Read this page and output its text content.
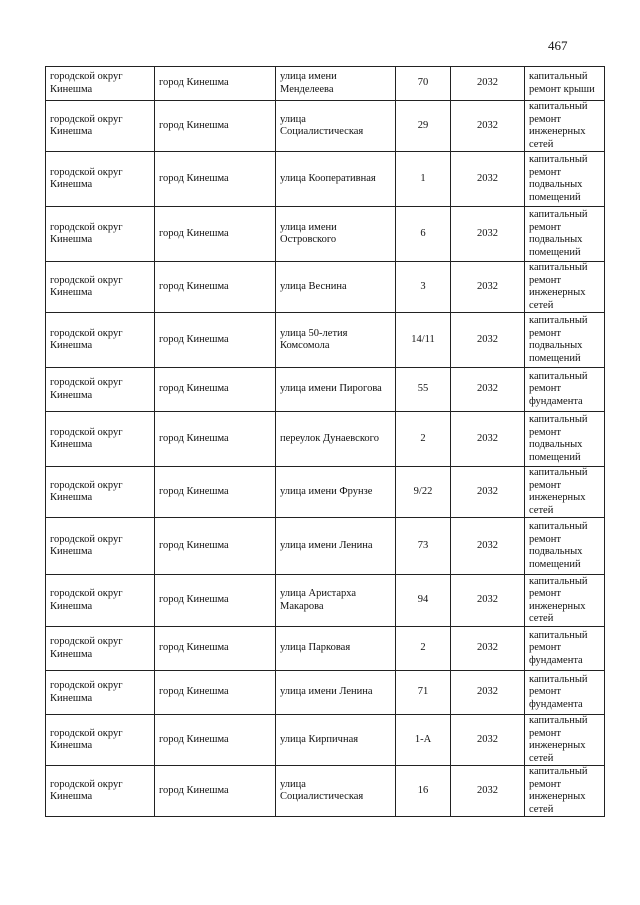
467
городской округ Кинешма	город Кинешма	улица имени Менделеева	70	2032	капитальный ремонт крыши
городской округ Кинешма	город Кинешма	улица Социалистическая	29	2032	капитальный ремонт инженерных сетей
городской округ Кинешма	город Кинешма	улица Кооперативная	1	2032	капитальный ремонт подвальных помещений
городской округ Кинешма	город Кинешма	улица имени Островского	6	2032	капитальный ремонт подвальных помещений
городской округ Кинешма	город Кинешма	улица Веснина	3	2032	капитальный ремонт инженерных сетей
городской округ Кинешма	город Кинешма	улица 50-летия Комсомола	14/11	2032	капитальный ремонт подвальных помещений
городской округ Кинешма	город Кинешма	улица имени Пирогова	55	2032	капитальный ремонт фундамента
городской округ Кинешма	город Кинешма	переулок Дунаевского	2	2032	капитальный ремонт подвальных помещений
городской округ Кинешма	город Кинешма	улица имени Фрунзе	9/22	2032	капитальный ремонт инженерных сетей
городской округ Кинешма	город Кинешма	улица имени Ленина	73	2032	капитальный ремонт подвальных помещений
городской округ Кинешма	город Кинешма	улица Аристарха Макарова	94	2032	капитальный ремонт инженерных сетей
городской округ Кинешма	город Кинешма	улица Парковая	2	2032	капитальный ремонт фундамента
городской округ Кинешма	город Кинешма	улица имени Ленина	71	2032	капитальный ремонт фундамента
городской округ Кинешма	город Кинешма	улица Кирпичная	1-А	2032	капитальный ремонт инженерных сетей
городской округ Кинешма	город Кинешма	улица Социалистическая	16	2032	капитальный ремонт инженерных сетей
